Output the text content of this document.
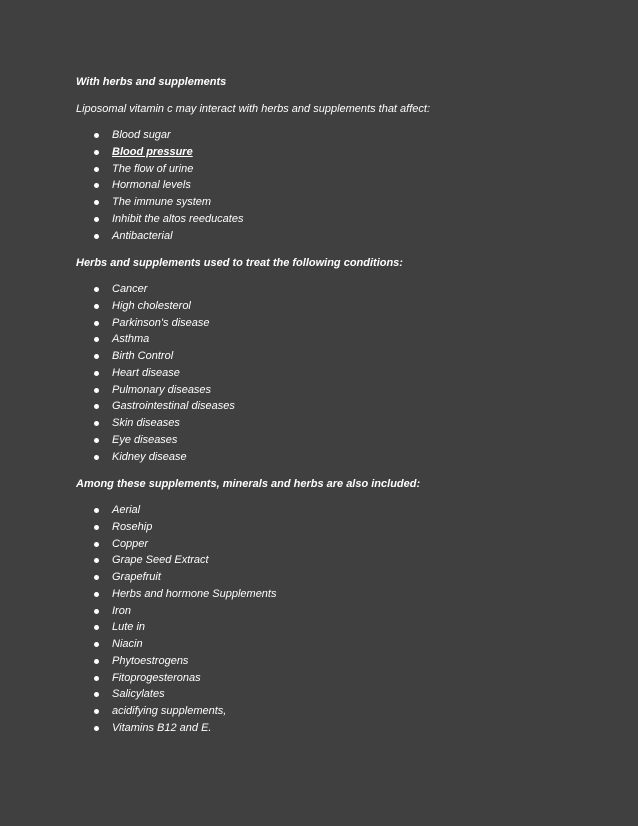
With herbs and supplements
Liposomal vitamin c may interact with herbs and supplements that affect:
Blood sugar
Blood pressure
The flow of urine
Hormonal levels
The immune system
Inhibit the altos reeducates
Antibacterial
Herbs and supplements used to treat the following conditions:
Cancer
High cholesterol
Parkinson's disease
Asthma
Birth Control
Heart disease
Pulmonary diseases
Gastrointestinal diseases
Skin diseases
Eye diseases
Kidney disease
Among these supplements, minerals and herbs are also included:
Aerial
Rosehip
Copper
Grape Seed Extract
Grapefruit
Herbs and hormone Supplements
Iron
Lute in
Niacin
Phytoestrogens
Fitoprogesteronas
Salicylates
acidifying supplements,
Vitamins B12 and E.
